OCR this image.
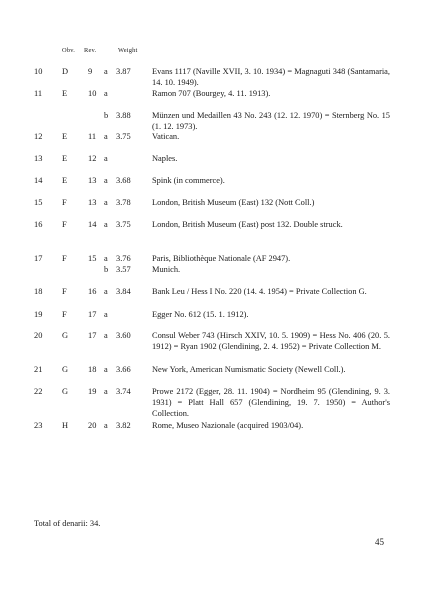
Obv. Rev.	Weight
10 D 9 a 3.87	Evans 1117 (Naville XVII, 3. 10. 1934) = Magnaguti 348 (Santamaria, 14. 10. 1949).
11 E 10 a	Ramon 707 (Bourgey, 4. 11. 1913).
b 3.88	Münzen und Medaillen 43 No. 243 (12. 12. 1970) = Sternberg No. 15 (1. 12. 1973).
12 E 11 a 3.75	Vatican.
13 E 12 a	Naples.
14 E 13 a 3.68	Spink (in commerce).
15 F	13 a 3.78	London, British Museum (East) 132 (Nott Coll.)
16 F	14 a 3.75	London, British Museum (East) post 132. Double struck.
17 F	15 a 3.76	Paris, Bibliothèque Nationale (AF 2947).
b 3.57	Munich.
18 F	16 a 3.84	Bank Leu / Hess I No. 220 (14. 4. 1954) = Private Collection G.
19 F	17 a	Egger No. 612 (15. 1. 1912).
20 G 17 a 3.60	Consul Weber 743 (Hirsch XXIV, 10. 5. 1909) = Hess No. 406 (20. 5. 1912) = Ryan 1902 (Glendining, 2. 4. 1952) = Private Collection M.
21 G 18 a 3.66	New York, American Numismatic Society (Newell Coll.).
22 G 19 a 3.74	Prowe 2172 (Egger, 28. 11. 1904) = Nordheim 95 (Glendining, 9. 3. 1931) = Platt Hall 657 (Glendining, 19. 7. 1950) = Author's Collection.
23 H 20 a 3.82	Rome, Museo Nazionale (acquired 1903/04).
Total of denarii: 34.
45
